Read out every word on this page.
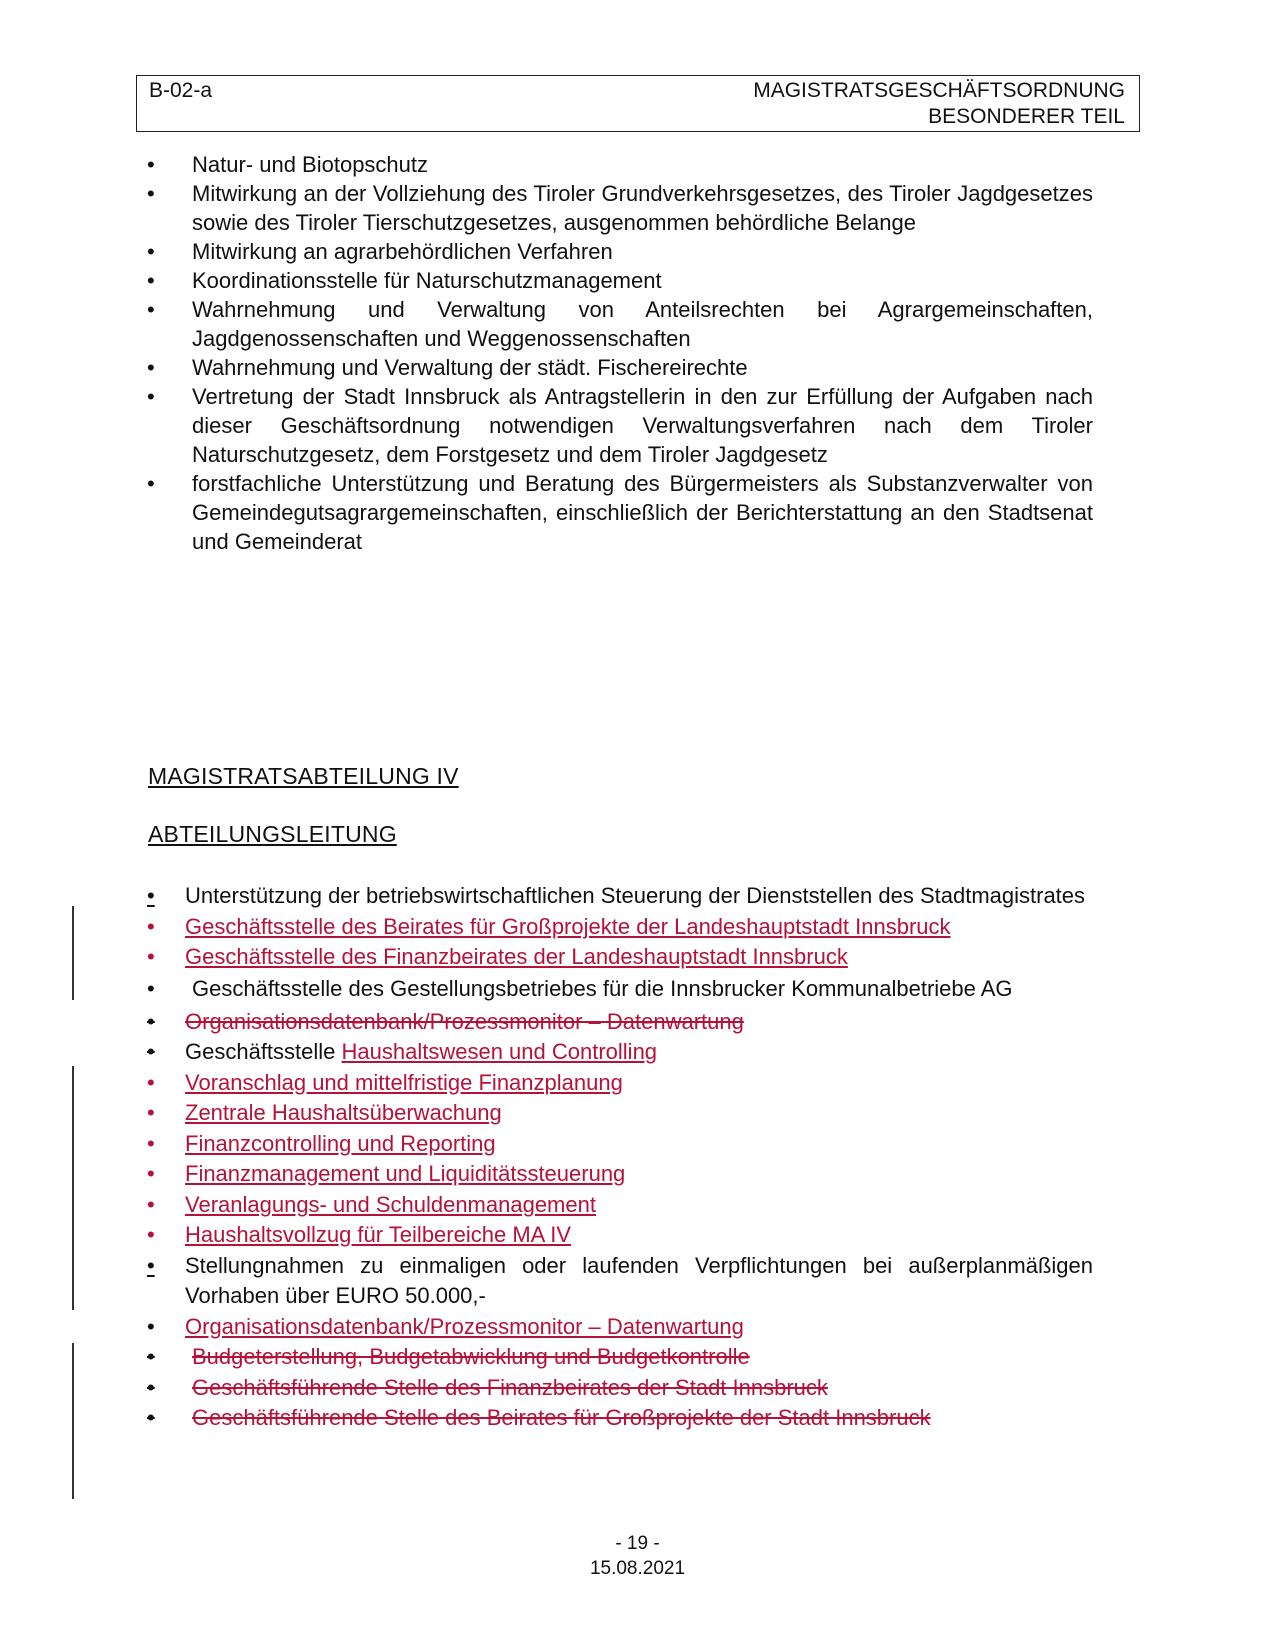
B-02-a	MAGISTRATSGESCHÄFTSORDNUNG
BESONDERER TEIL
• Natur- und Biotopschutz
• Mitwirkung an der Vollziehung des Tiroler Grundverkehrsgesetzes, des Tiroler Jagdgesetzes sowie des Tiroler Tierschutzgesetzes, ausgenommen behördliche Belange
• Mitwirkung an agrarbehördlichen Verfahren
• Koordinationsstelle für Naturschutzmanagement
• Wahrnehmung und Verwaltung von Anteilsrechten bei Agrargemeinschaften, Jagdgenossenschaften und Weggenossenschaften
• Wahrnehmung und Verwaltung der städt. Fischereirechte
• Vertretung der Stadt Innsbruck als Antragstellerin in den zur Erfüllung der Aufgaben nach dieser Geschäftsordnung notwendigen Verwaltungsverfahren nach dem Tiroler Naturschutzgesetz, dem Forstgesetz und dem Tiroler Jagdgesetz
• forstfachliche Unterstützung und Beratung des Bürgermeisters als Substanzverwalter von Gemeindegutsagrargemeinschaften, einschließlich der Berichterstattung an den Stadtsenat und Gemeinderat
MAGISTRATSABTEILUNG IV
ABTEILUNGSLEITUNG
•	Unterstützung der betriebswirtschaftlichen Steuerung der Dienststellen des Stadtmagistrates
• Geschäftsstelle des Beirates für Großprojekte der Landeshauptstadt Innsbruck
• Geschäftsstelle des Finanzbeirates der Landeshauptstadt Innsbruck
• Geschäftsstelle des Gestellungsbetriebes für die Innsbrucker Kommunalbetriebe AG
• Organisationsdatenbank/Prozessmonitor – Datenwartung
•	Geschäftsstelle Haushaltswesen und Controlling
• Voranschlag und mittelfristige Finanzplanung
• Zentrale Haushaltsüberwachung
• Finanzcontrolling und Reporting
• Finanzmanagement und Liquiditätssteuerung
• Veranlagungs- und Schuldenmanagement
• Haushaltsvollzug für Teilbereiche MA IV
•	Stellungnahmen zu einmaligen oder laufenden Verpflichtungen bei außerplanmäßigen Vorhaben über EURO 50.000,-
• Organisationsdatenbank/Prozessmonitor – Datenwartung
•	Budgeterstellung, Budgetabwicklung und Budgetkontrolle
•	Geschäftsführende Stelle des Finanzbeirates der Stadt Innsbruck
•	Geschäftsführende Stelle des Beirates für Großprojekte der Stadt Innsbruck
- 19 -
15.08.2021
